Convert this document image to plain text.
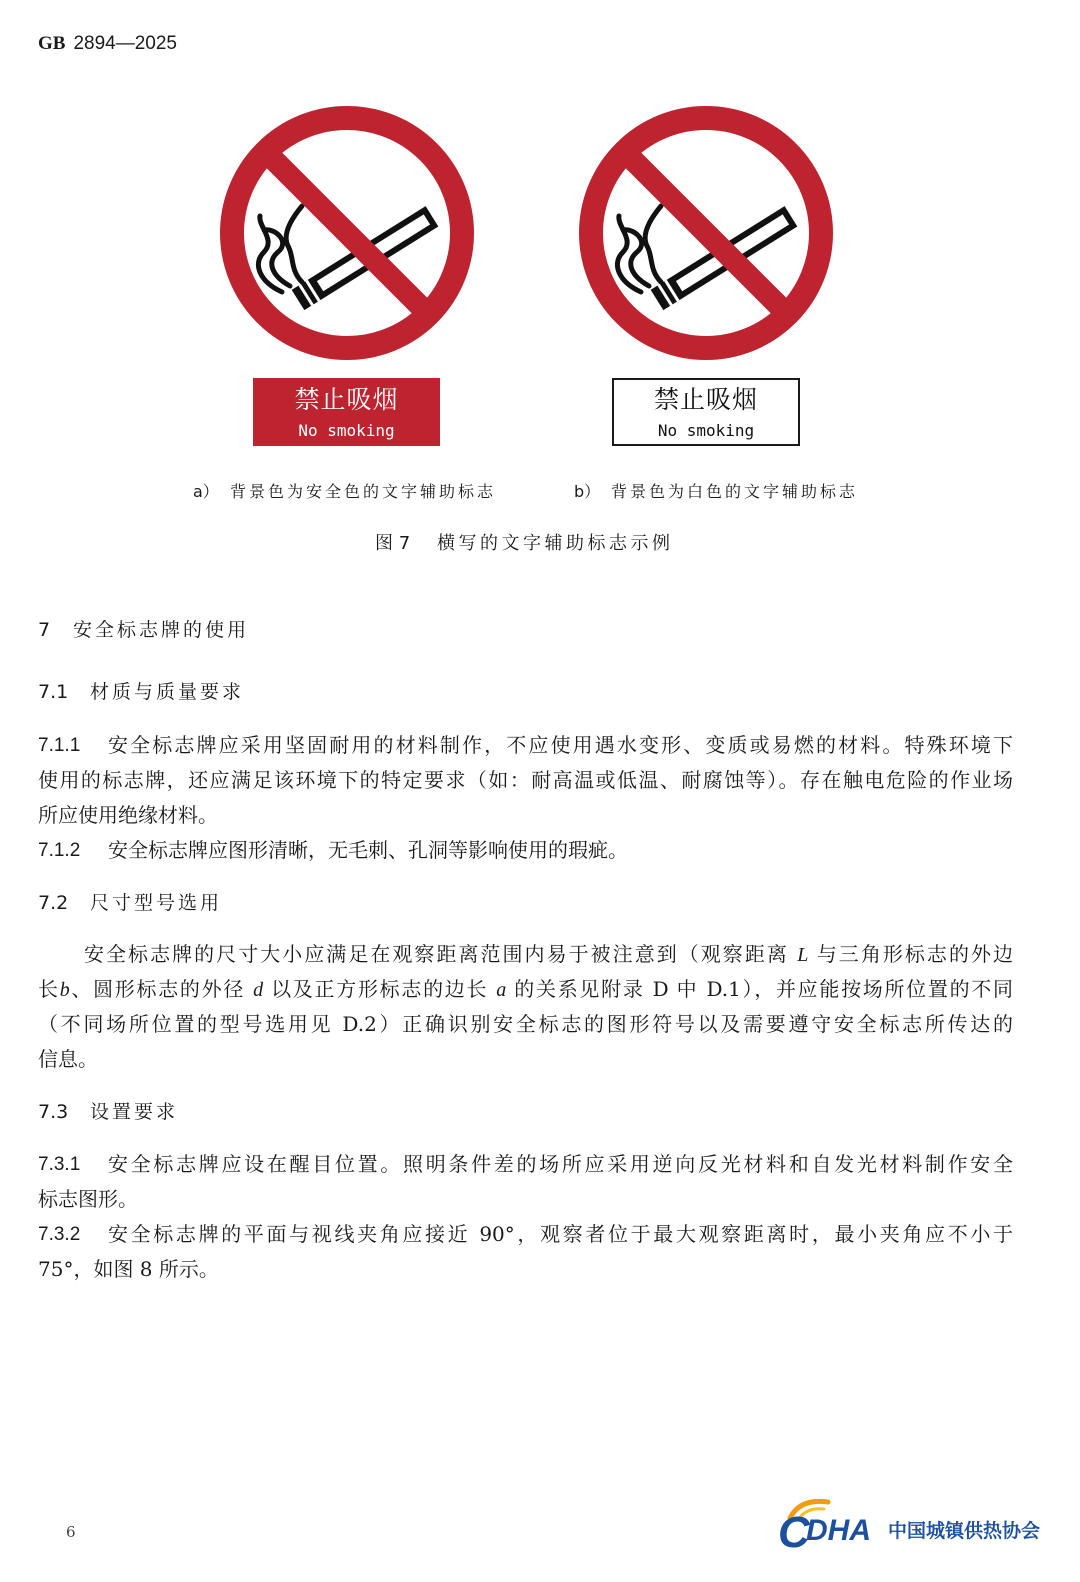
GB 2894—2025
禁止吸烟
No smoking
禁止吸烟
No smoking
a） 背景色为安全色的文字辅助标志	b） 背景色为白色的文字辅助标志
图 7 横写的文字辅助标志示例
7 安全标志牌的使用
7.1 材质与质量要求
7.1.1 安全标志牌应采用坚固耐用的材料制作，不应使用遇水变形、变质或易燃的材料。特殊环境下
使用的标志牌，还应满足该环境下的特定要求（如：耐高温或低温、耐腐蚀等）。存在触电危险的作业场
所应使用绝缘材料。
7.1.2 安全标志牌应图形清晰，无毛刺、孔洞等影响使用的瑕疵。
7.2 尺寸型号选用
安全标志牌的尺寸大小应满足在观察距离范围内易于被注意到（观察距离 L 与三角形标志的外边
长b、圆形标志的外径 d 以及正方形标志的边长 a 的关系见附录 D 中 D.1），并应能按场所位置的不同
（不同场所位置的型号选用见 D.2）正确识别安全标志的图形符号以及需要遵守安全标志所传达的
信息。
7.3 设置要求
7.3.1 安全标志牌应设在醒目位置。照明条件差的场所应采用逆向反光材料和自发光材料制作安全
标志图形。
7.3.2 安全标志牌的平面与视线夹角应接近 90°，观察者位于最大观察距离时，最小夹角应不小于
75°，如图 8 所示。
6	C
DHA 中国城镇供热协会
